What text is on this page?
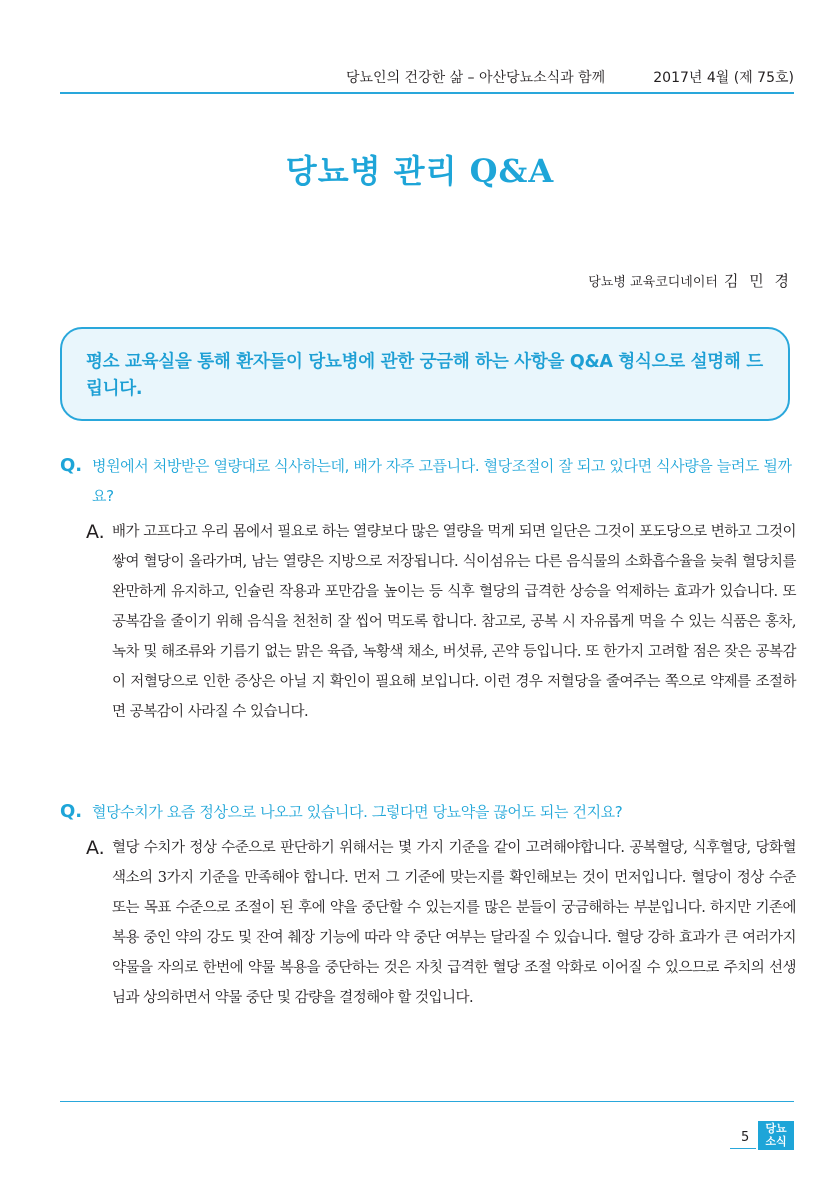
당뇨인의 건강한 삶 – 아산당뇨소식과 함께	2017년 4월 (제 75호)
당뇨병 관리 Q&A
당뇨병 교육코디네이터 김 민 경
평소 교육실을 통해 환자들이 당뇨병에 관한 궁금해 하는 사항을 Q&A 형식으로 설명해 드립니다.
Q. 병원에서 처방받은 열량대로 식사하는데, 배가 자주 고픕니다. 혈당조절이 잘 되고 있다면 식사량을 늘려도 될까요?
A. 배가 고프다고 우리 몸에서 필요로 하는 열량보다 많은 열량을 먹게 되면 일단은 그것이 포도당으로 변하고 그것이 쌓여 혈당이 올라가며, 남는 열량은 지방으로 저장됩니다. 식이섬유는 다른 음식물의 소화흡수율을 늦춰 혈당치를 완만하게 유지하고, 인슐린 작용과 포만감을 높이는 등 식후 혈당의 급격한 상승을 억제하는 효과가 있습니다. 또 공복감을 줄이기 위해 음식을 천천히 잘 씹어 먹도록 합니다. 참고로, 공복 시 자유롭게 먹을 수 있는 식품은 홍차, 녹차 및 해조류와 기름기 없는 맑은 육즙, 녹황색 채소, 버섯류, 곤약 등입니다. 또 한가지 고려할 점은 잦은 공복감이 저혈당으로 인한 증상은 아닐 지 확인이 필요해 보입니다. 이런 경우 저혈당을 줄여주는 쪽으로 약제를 조절하면 공복감이 사라질 수 있습니다.
Q. 혈당수치가 요즘 정상으로 나오고 있습니다. 그렇다면 당뇨약을 끊어도 되는 건지요?
A. 혈당 수치가 정상 수준으로 판단하기 위해서는 몇 가지 기준을 같이 고려해야합니다. 공복혈당, 식후혈당, 당화혈색소의 3가지 기준을 만족해야 합니다. 먼저 그 기준에 맞는지를 확인해보는 것이 먼저입니다. 혈당이 정상 수준 또는 목표 수준으로 조절이 된 후에 약을 중단할 수 있는지를 많은 분들이 궁금해하는 부분입니다. 하지만 기존에 복용 중인 약의 강도 및 잔여 췌장 기능에 따라 약 중단 여부는 달라질 수 있습니다. 혈당 강하 효과가 큰 여러가지 약물을 자의로 한번에 약물 복용을 중단하는 것은 자칫 급격한 혈당 조절 악화로 이어질 수 있으므로 주치의 선생님과 상의하면서 약물 중단 및 감량을 결정해야 할 것입니다.
5
당뇨
소식
